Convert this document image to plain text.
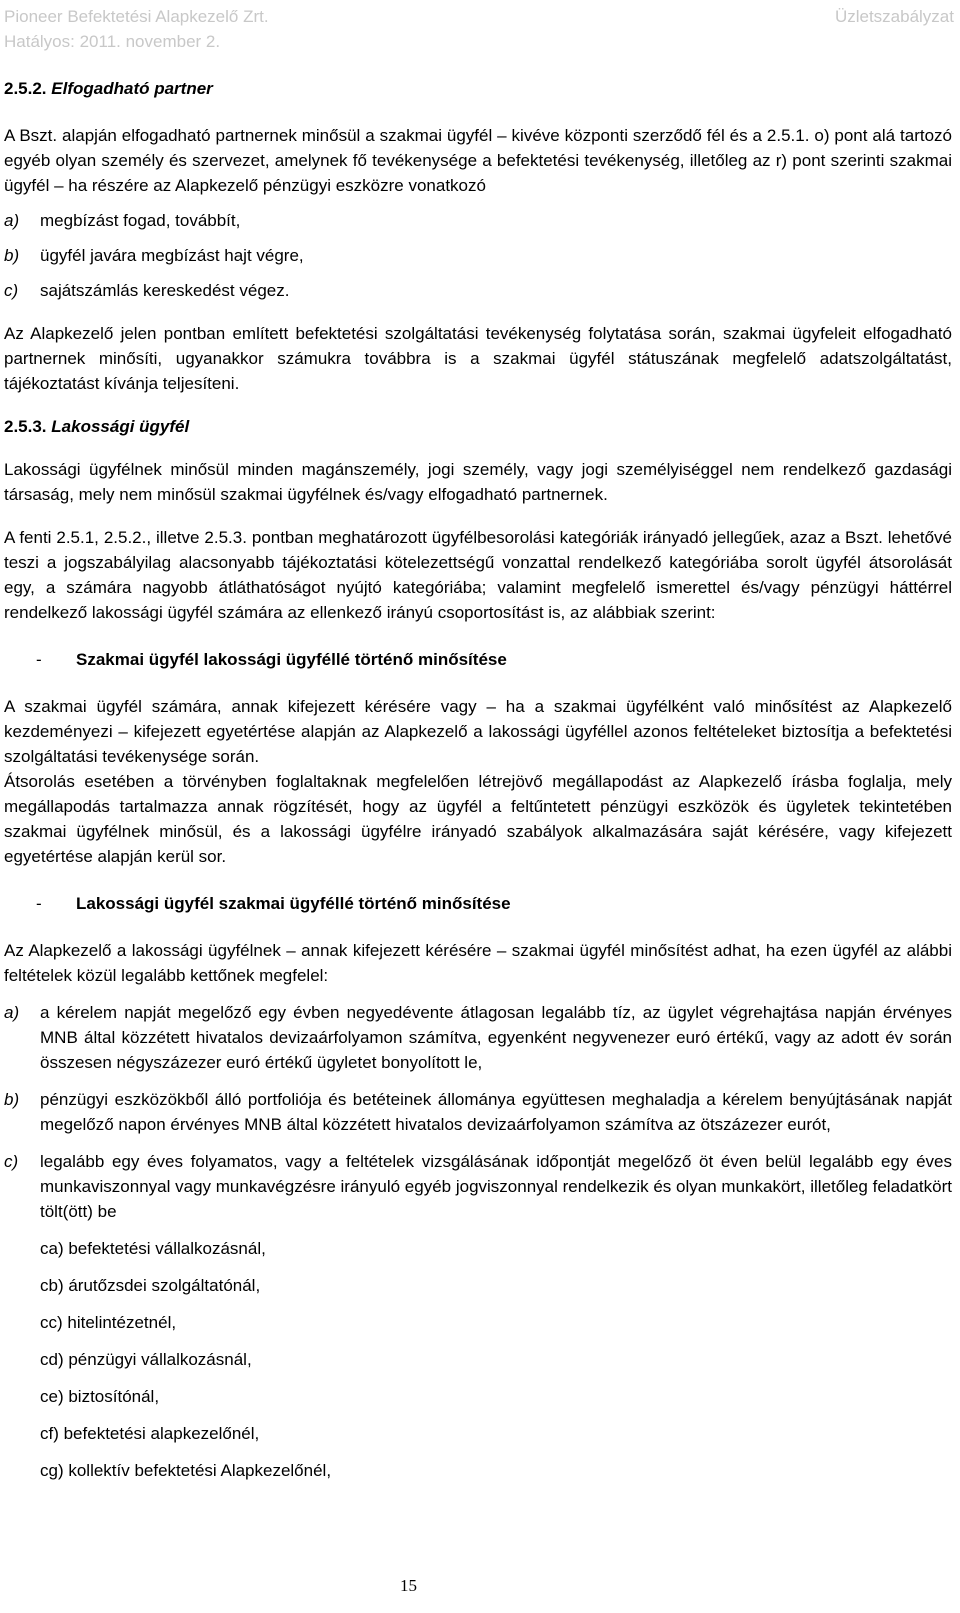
Pioneer Befektetési Alapkezelő Zrt.	Üzletszabályzat
Hatályos: 2011. november 2.

2.5.2. Elfogadható partner

A Bszt. alapján elfogadható partnernek minősül a szakmai ügyfél – kivéve központi szerződő fél és a 2.5.1. o) pont alá tartozó egyéb olyan személy és szervezet, amelynek fő tevékenysége a befektetési tevékenység, illetőleg az r) pont szerinti szakmai ügyfél – ha részére az Alapkezelő pénzügyi eszközre vonatkozó

a) megbízást fogad, továbbít,
b) ügyfél javára megbízást hajt végre,
c) sajátszámlás kereskedést végez.

Az Alapkezelő jelen pontban említett befektetési szolgáltatási tevékenység folytatása során, szakmai ügyfeleit elfogadható partnernek minősíti, ugyanakkor számukra továbbra is a szakmai ügyfél státuszának megfelelő adatszolgáltatást, tájékoztatást kívánja teljesíteni.

2.5.3. Lakossági ügyfél

Lakossági ügyfélnek minősül minden magánszemély, jogi személy, vagy jogi személyiséggel nem rendelkező gazdasági társaság, mely nem minősül szakmai ügyfélnek és/vagy elfogadható partnernek.

A fenti 2.5.1, 2.5.2., illetve 2.5.3. pontban meghatározott ügyfélbesorolási kategóriák irányadó jellegűek, azaz a Bszt. lehetővé teszi a jogszabályilag alacsonyabb tájékoztatási kötelezettségű vonzattal rendelkező kategóriába sorolt ügyfél átsorolását egy, a számára nagyobb átláthatóságot nyújtó kategóriába; valamint megfelelő ismerettel és/vagy pénzügyi háttérrel rendelkező lakossági ügyfél számára az ellenkező irányú csoportosítást is, az alábbiak szerint:

- Szakmai ügyfél lakossági ügyféllé történő minősítése

A szakmai ügyfél számára, annak kifejezett kérésére vagy – ha a szakmai ügyfélként való minősítést az Alapkezelő kezdeményezi – kifejezett egyetértése alapján az Alapkezelő a lakossági ügyféllel azonos feltételeket biztosítja a befektetési szolgáltatási tevékenysége során.

Átsorolás esetében a törvényben foglaltaknak megfelelően létrejövő megállapodást az Alapkezelő írásba foglalja, mely megállapodás tartalmazza annak rögzítését, hogy az ügyfél a feltűntetett pénzügyi eszközök és ügyletek tekintetében szakmai ügyfélnek minősül, és a lakossági ügyfélre irányadó szabályok alkalmazására saját kérésére, vagy kifejezett egyetértése alapján kerül sor.

- Lakossági ügyfél szakmai ügyféllé történő minősítése

Az Alapkezelő a lakossági ügyfélnek – annak kifejezett kérésére – szakmai ügyfél minősítést adhat, ha ezen ügyfél az alábbi feltételek közül legalább kettőnek megfelel:

a) a kérelem napját megelőző egy évben negyedévente átlagosan legalább tíz, az ügylet végrehajtása napján érvényes MNB által közzétett hivatalos devizaárfolyamon számítva, egyenként negyvenezer euró értékű, vagy az adott év során összesen négyszázezer euró értékű ügyletet bonyolított le,
b) pénzügyi eszközökből álló portfoliója és betéteinek állománya együttesen meghaladja a kérelem benyújtásának napját megelőző napon érvényes MNB által közzétett hivatalos devizaárfolyamon számítva az ötszázezer eurót,
c) legalább egy éves folyamatos, vagy a feltételek vizsgálásának időpontját megelőző öt éven belül legalább egy éves munkaviszonnyal vagy munkavégzésre irányuló egyéb jogviszonnyal rendelkezik és olyan munkakört, illetőleg feladatkört tölt(ött) be
ca) befektetési vállalkozásnál,
cb) árutőzsdei szolgáltatónál,
cc) hitelintézetnél,
cd) pénzügyi vállalkozásnál,
ce) biztosítónál,
cf) befektetési alapkezelőnél,
cg) kollektív befektetési Alapkezelőnél,
15
